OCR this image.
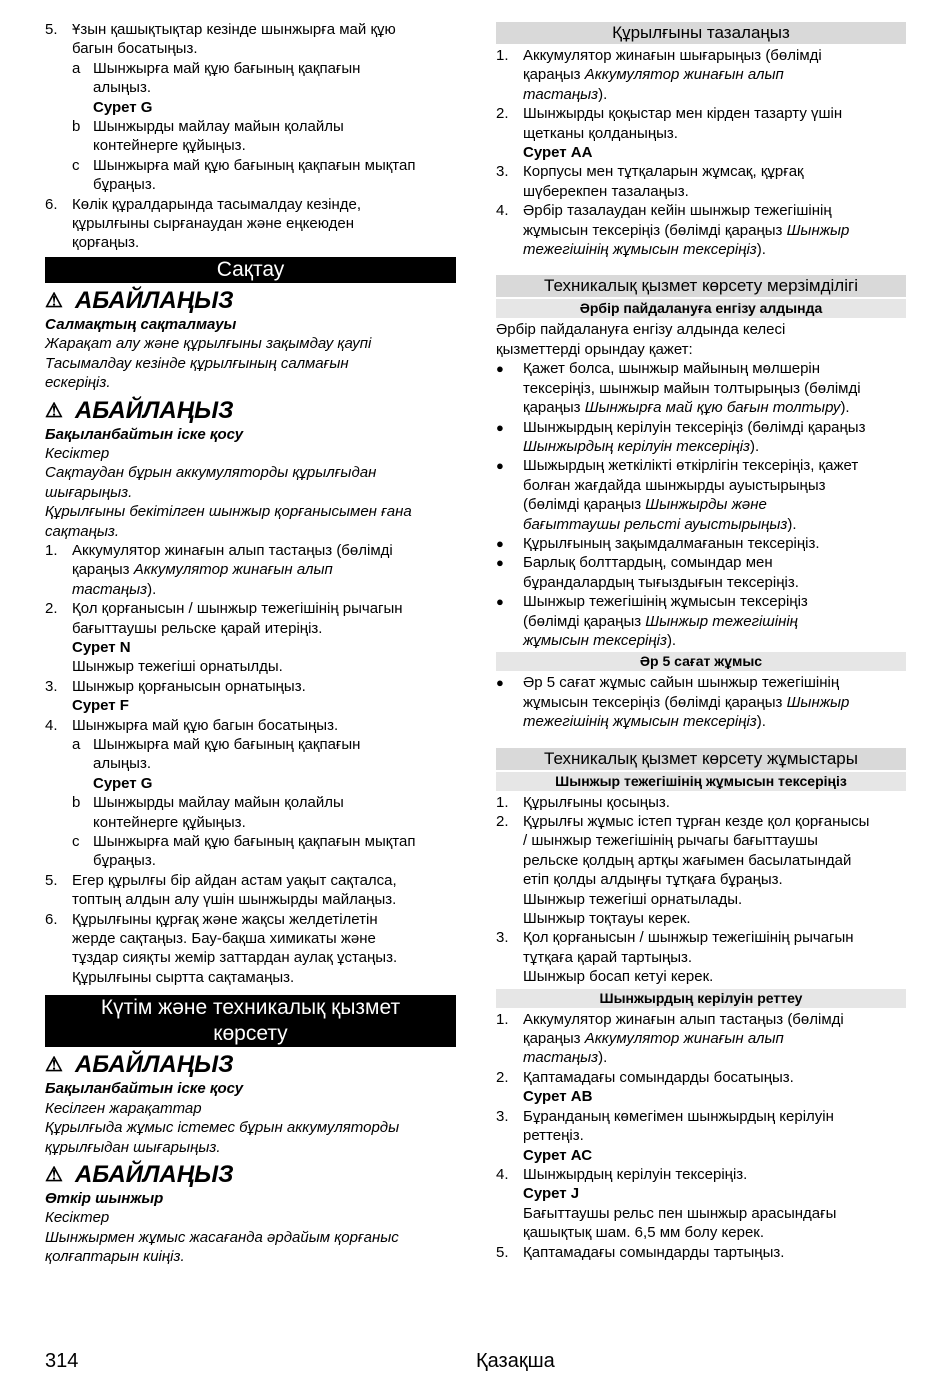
5. Ұзын қашықтықтар кезінде шынжырға май құю
багын босатыңыз.
a Шынжырға май құю бағының қақпағын
алыңыз.
Сурет G
b Шынжырды майлау майын қолайлы
контейнерге құйыңыз.
c Шынжырға май құю бағының қақпағын мықтап
бұраңыз.
6. Көлік құралдарында тасымалдау кезінде,
құрылғыны сырғанаудан және еңкеюден
қорғаңыз.
Сақтау
⚠ АБАЙЛАҢЫЗ
Салмақтың сақталмауы
Жарақат алу және құрылғыны зақымдау қаупі
Тасымалдау кезінде құрылғының салмағын
ескеріңіз.
⚠ АБАЙЛАҢЫЗ
Бақыланбайтын іске қосу
Кесіктер
Сақтаудан бұрын аккумуляторды құрылғыдан
шығарыңыз.
Құрылғыны бекітілген шынжыр қорғанысымен ғана
сақтаңыз.
1. Аккумулятор жинағын алып тастаңыз (бөлімді
қараңыз Аккумулятор жинағын алып
тастаңыз).
2. Қол қорғанысын / шынжыр тежегішінің рычагын
бағыттаушы рельске қарай итеріңіз.
Сурет N
Шынжыр тежегіші орнатылды.
3. Шынжыр қорғанысын орнатыңыз.
Сурет F
4. Шынжырға май құю багын босатыңыз.
a Шынжырға май құю бағының қақпағын
алыңыз.
Сурет G
b Шынжырды майлау майын қолайлы
контейнерге құйыңыз.
c Шынжырға май құю бағының қақпағын мықтап
бұраңыз.
5. Егер құрылғы бір айдан астам уақыт сақталса,
топтың алдын алу үшін шынжырды майлаңыз.
6. Құрылғыны құрғақ және жақсы желдетілетін
жерде сақтаңыз. Бау-бақша химикаты және
тұздар сияқты жемір заттардан аулақ ұстаңыз.
Құрылғыны сыртта сақтамаңыз.
Күтім және техникалық қызмет
көрсету
⚠ АБАЙЛАҢЫЗ
Бақыланбайтын іске қосу
Кесілген жарақаттар
Құрылғыда жұмыс істемес бұрын аккумуляторды
құрылғыдан шығарыңыз.
⚠ АБАЙЛАҢЫЗ
Өткір шынжыр
Кесіктер
Шынжырмен жұмыс жасағанда әрдайым қорғаныс
қолғаптарын киіңіз.
Құрылғыны тазалаңыз
1. Аккумулятор жинағын шығарыңыз (бөлімді
қараңыз Аккумулятор жинағын алып
тастаңыз).
2. Шынжырды қоқыстар мен кірден тазарту үшін
щетканы қолданыңыз.
Сурет АА
3. Корпусы мен тұтқаларын жұмсақ, құрғақ
шүберекпен тазалаңыз.
4. Әрбір тазалаудан кейін шынжыр тежегішінің
жұмысын тексеріңіз (бөлімді қараңыз Шынжыр
тежегішінің жұмысын тексеріңіз).
Техникалық қызмет көрсету мерзімділігі
Әрбір пайдалануға енгізу алдында
Әрбір пайдалануға енгізу алдында келесі
қызметтерді орындау қажет:
● Қажет болса, шынжыр майының мөлшерін
тексеріңіз, шынжыр майын толтырыңыз (бөлімді
қараңыз Шынжырға май құю бағын толтыру).
● Шынжырдың керілуін тексеріңіз (бөлімді қараңыз
Шынжырдың керілуін тексеріңіз).
● Шыжырдың жеткілікті өткірлігін тексеріңіз, қажет
болған жағдайда шынжырды ауыстырыңыз
(бөлімді қараңыз Шынжырды және
бағыттаушы рельсті ауыстырыңыз).
● Құрылғының зақымдалмағанын тексеріңіз.
● Барлық болттардың, сомындар мен
бұрандалардың тығыздығын тексеріңіз.
● Шынжыр тежегішінің жұмысын тексеріңіз
(бөлімді қараңыз Шынжыр тежегішінің
жұмысын тексеріңіз).
Әр 5 сағат жұмыс
● Әр 5 сағат жұмыс сайын шынжыр тежегішінің
жұмысын тексеріңіз (бөлімді қараңыз Шынжыр
тежегішінің жұмысын тексеріңіз).
Техникалық қызмет көрсету жұмыстары
Шынжыр тежегішінің жұмысын тексеріңіз
1. Құрылғыны қосыңыз.
2. Құрылғы жұмыс істеп тұрған кезде қол қорғанысы
/ шынжыр тежегішінің рычагы бағыттаушы
рельске қолдың артқы жағымен басылатындай
етіп қолды алдыңғы тұтқаға бұраңыз.
Шынжыр тежегіші орнатылады.
Шынжыр тоқтауы керек.
3. Қол қорғанысын / шынжыр тежегішінің рычагын
тұтқаға қарай тартыңыз.
Шынжыр босап кетуі керек.
Шынжырдың керілуін реттеу
1. Аккумулятор жинағын алып тастаңыз (бөлімді
қараңыз Аккумулятор жинағын алып
тастаңыз).
2. Қаптамадағы сомындарды босатыңыз.
Сурет АВ
3. Бұранданың көмегімен шынжырдың керілуін
реттеңіз.
Сурет АС
4. Шынжырдың керілуін тексеріңіз.
Сурет J
Бағыттаушы рельс пен шынжыр арасындағы
қашықтық шам. 6,5 мм болу керек.
5. Қаптамадағы сомындарды тартыңыз.
314	Қазақша
